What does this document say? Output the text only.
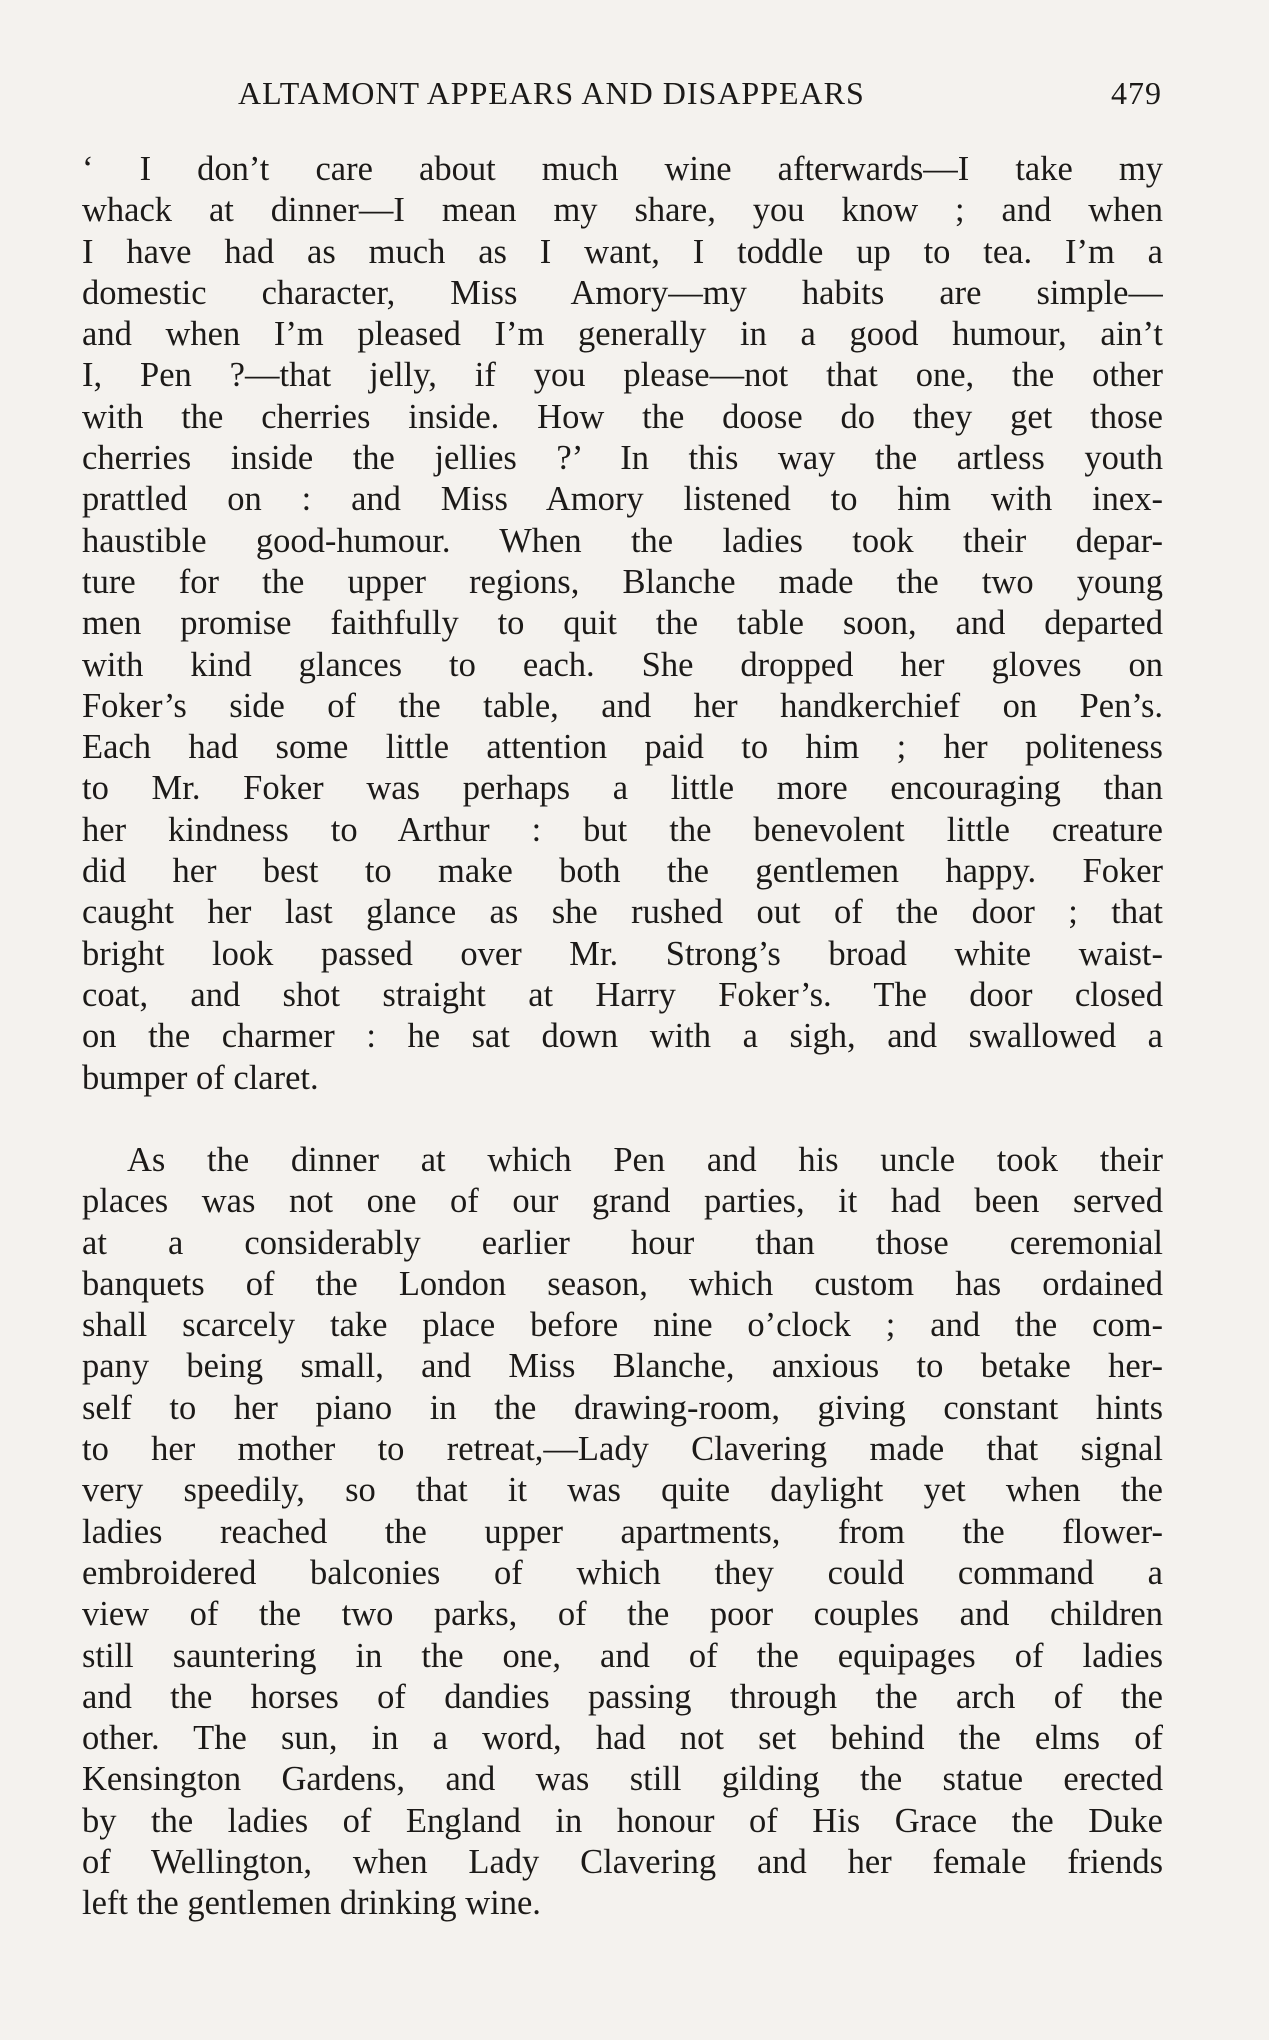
ALTAMONT APPEARS AND DISAPPEARS	479
‘ I don’t care about much wine afterwards—I take my
whack at dinner—I mean my share, you know ; and when
I have had as much as I want, I toddle up to tea. I’m a
domestic character, Miss Amory—my habits are simple—
and when I’m pleased I’m generally in a good humour, ain’t
I, Pen ?—that jelly, if you please—not that one, the other
with the cherries inside. How the doose do they get those
cherries inside the jellies ?’ In this way the artless youth
prattled on : and Miss Amory listened to him with inex-
haustible good-humour. When the ladies took their depar-
ture for the upper regions, Blanche made the two young
men promise faithfully to quit the table soon, and departed
with kind glances to each. She dropped her gloves on
Foker’s side of the table, and her handkerchief on Pen’s.
Each had some little attention paid to him ; her politeness
to Mr. Foker was perhaps a little more encouraging than
her kindness to Arthur : but the benevolent little creature
did her best to make both the gentlemen happy. Foker
caught her last glance as she rushed out of the door ; that
bright look passed over Mr. Strong’s broad white waist-
coat, and shot straight at Harry Foker’s. The door closed
on the charmer : he sat down with a sigh, and swallowed a
bumper of claret.
As the dinner at which Pen and his uncle took their
places was not one of our grand parties, it had been served
at a considerably earlier hour than those ceremonial
banquets of the London season, which custom has ordained
shall scarcely take place before nine o’clock ; and the com-
pany being small, and Miss Blanche, anxious to betake her-
self to her piano in the drawing-room, giving constant hints
to her mother to retreat,—Lady Clavering made that signal
very speedily, so that it was quite daylight yet when the
ladies reached the upper apartments, from the flower-
embroidered balconies of which they could command a
view of the two parks, of the poor couples and children
still sauntering in the one, and of the equipages of ladies
and the horses of dandies passing through the arch of the
other. The sun, in a word, had not set behind the elms of
Kensington Gardens, and was still gilding the statue erected
by the ladies of England in honour of His Grace the Duke
of Wellington, when Lady Clavering and her female friends
left the gentlemen drinking wine.
